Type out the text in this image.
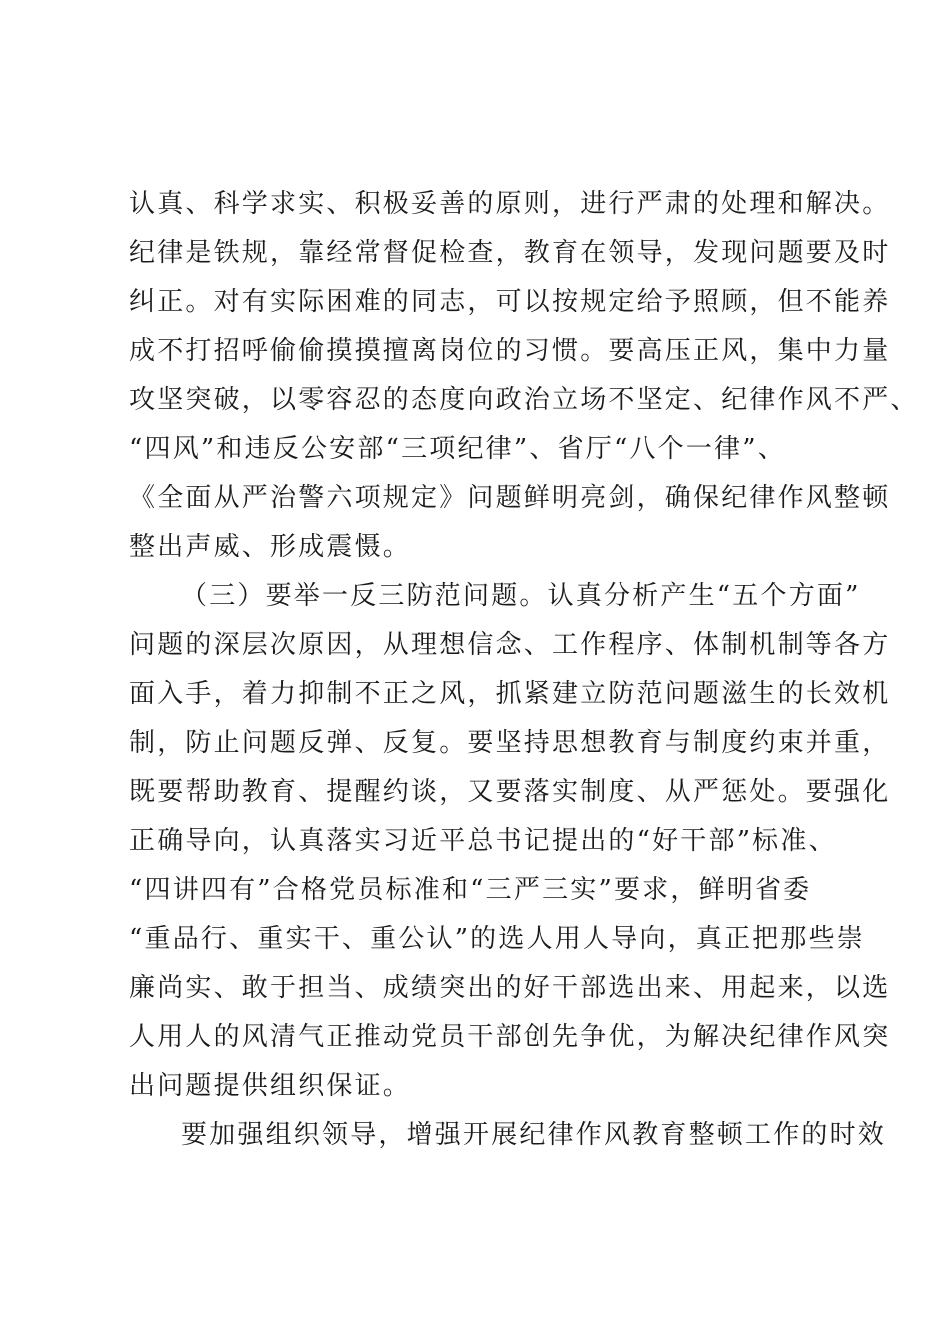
认真、科学求实、积极妥善的原则，进行严肃的处理和解决。
纪律是铁规，靠经常督促检查，教育在领导，发现问题要及时
纠正。对有实际困难的同志，可以按规定给予照顾，但不能养
成不打招呼偷偷摸摸擅离岗位的习惯。要高压正风，集中力量
攻坚突破，以零容忍的态度向政治立场不坚定、纪律作风不严、
“四风”和违反公安部“三项纪律”、省厅“八个一律”、
《全面从严治警六项规定》问题鲜明亮剑，确保纪律作风整顿
整出声威、形成震慑。
（三）要举一反三防范问题。认真分析产生“五个方面”
问题的深层次原因，从理想信念、工作程序、体制机制等各方
面入手，着力抑制不正之风，抓紧建立防范问题滋生的长效机
制，防止问题反弹、反复。要坚持思想教育与制度约束并重，
既要帮助教育、提醒约谈，又要落实制度、从严惩处。要强化
正确导向，认真落实习近平总书记提出的“好干部”标准、
“四讲四有”合格党员标准和“三严三实”要求，鲜明省委
“重品行、重实干、重公认”的选人用人导向，真正把那些崇
廉尚实、敢于担当、成绩突出的好干部选出来、用起来，以选
人用人的风清气正推动党员干部创先争优，为解决纪律作风突
出问题提供组织保证。
要加强组织领导，增强开展纪律作风教育整顿工作的时效
